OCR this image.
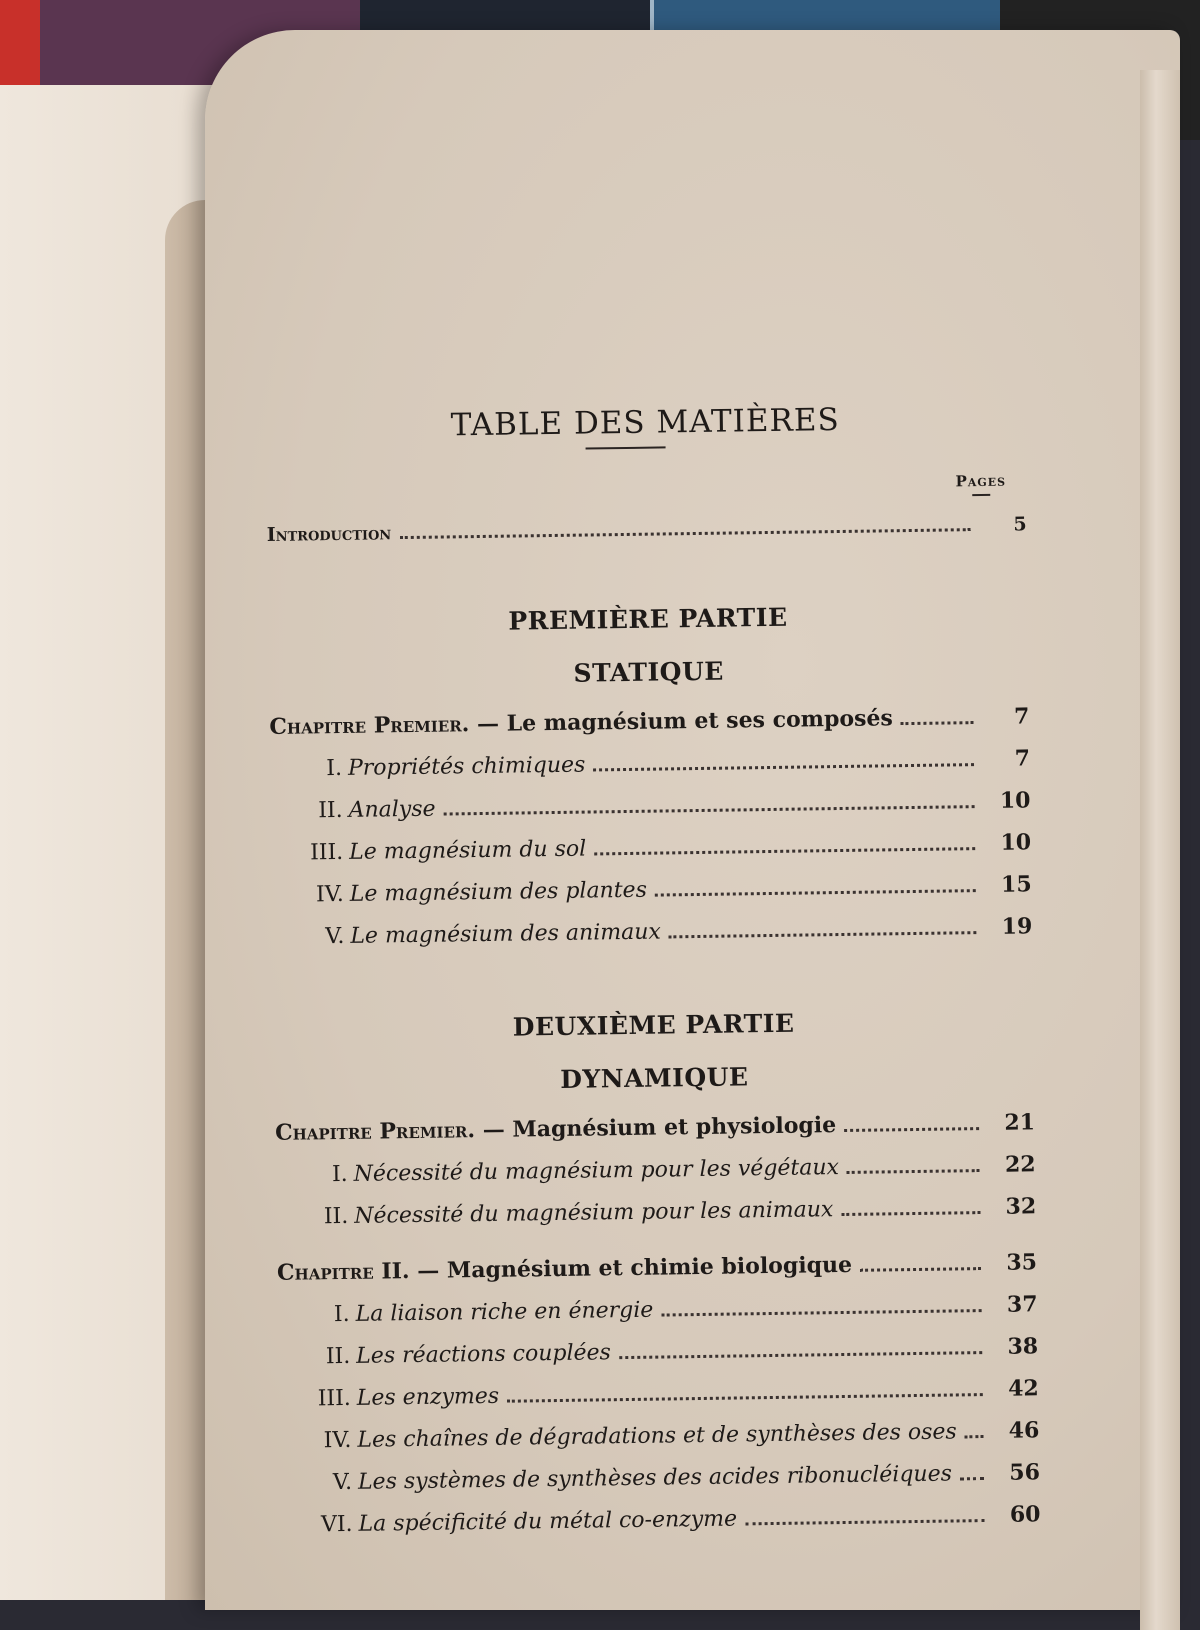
TABLE DES MATIÈRES
Pages
Introduction	5

PREMIÈRE PARTIE

STATIQUE

Chapitre Premier. — Le magnésium et ses composés	7
I. Propriétés chimiques	7
II. Analyse	10
III. Le magnésium du sol	10
IV. Le magnésium des plantes	15
V. Le magnésium des animaux	19

DEUXIÈME PARTIE

DYNAMIQUE

Chapitre Premier. — Magnésium et physiologie	21
I. Nécessité du magnésium pour les végétaux	22
II. Nécessité du magnésium pour les animaux	32
Chapitre II. — Magnésium et chimie biologique	35
I. La liaison riche en énergie	37
II. Les réactions couplées	38
III. Les enzymes	42
IV. Les chaînes de dégradations et de synthèses des oses	46
V. Les systèmes de synthèses des acides ribonucléiques	56
VI. La spécificité du métal co-enzyme	60
